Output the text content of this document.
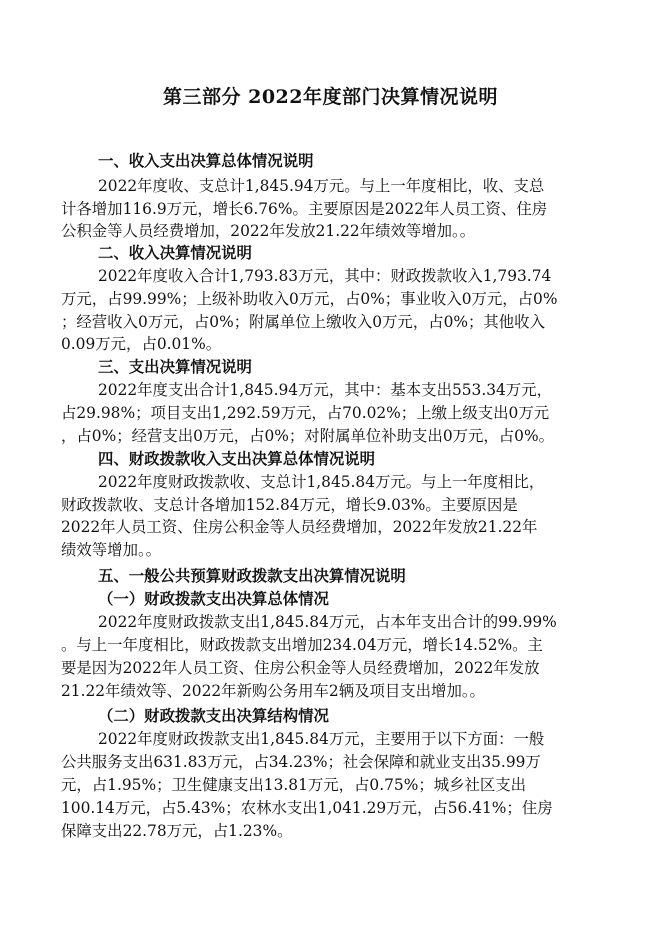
第三部分 2022年度部门决算情况说明

一、收入支出决算总体情况说明

2022年度收、支总计1,845.94万元。与上一年度相比，收、支总

计各增加116.9万元，增长6.76%。主要原因是2022年人员工资、住房

公积金等人员经费增加，2022年发放21.22年绩效等增加。。

二、收入决算情况说明

2022年度收入合计1,793.83万元，其中：财政拨款收入1,793.74

万元，占99.99%；上级补助收入0万元，占0%；事业收入0万元，占0%

；经营收入0万元，占0%；附属单位上缴收入0万元，占0%；其他收入

0.09万元，占0.01%。

三、支出决算情况说明

2022年度支出合计1,845.94万元，其中：基本支出553.34万元，

占29.98%；项目支出1,292.59万元，占70.02%；上缴上级支出0万元

，占0%；经营支出0万元，占0%；对附属单位补助支出0万元，占0%。

四、财政拨款收入支出决算总体情况说明

2022年度财政拨款收、支总计1,845.84万元。与上一年度相比，

财政拨款收、支总计各增加152.84万元，增长9.03%。主要原因是

2022年人员工资、住房公积金等人员经费增加，2022年发放21.22年

绩效等增加。。

五、一般公共预算财政拨款支出决算情况说明

（一）财政拨款支出决算总体情况

2022年度财政拨款支出1,845.84万元，占本年支出合计的99.99%

。与上一年度相比，财政拨款支出增加234.04万元，增长14.52%。主

要是因为2022年人员工资、住房公积金等人员经费增加，2022年发放

21.22年绩效等、2022年新购公务用车2辆及项目支出增加。。

（二）财政拨款支出决算结构情况

2022年度财政拨款支出1,845.84万元，主要用于以下方面：一般

公共服务支出631.83万元，占34.23%；社会保障和就业支出35.99万

元，占1.95%；卫生健康支出13.81万元，占0.75%；城乡社区支出

100.14万元，占5.43%；农林水支出1,041.29万元，占56.41%；住房

保障支出22.78万元，占1.23%。
